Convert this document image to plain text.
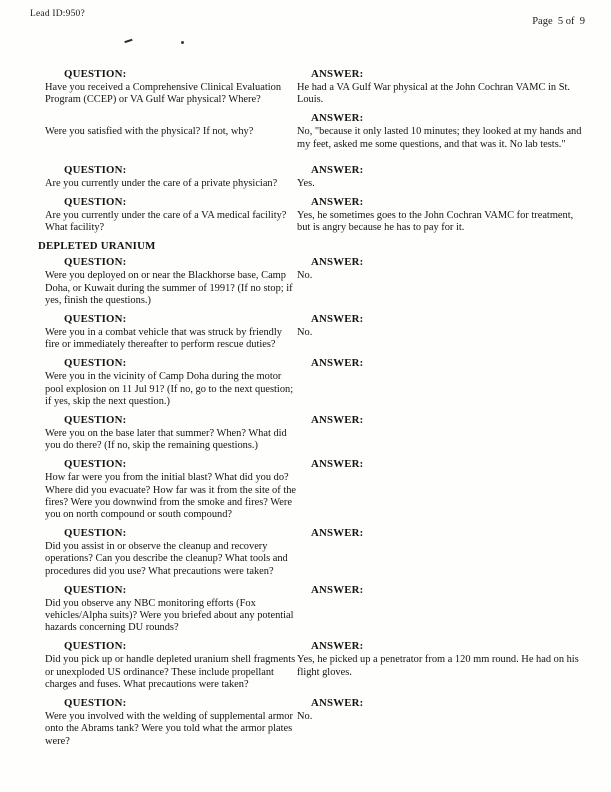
Lead ID:950?
Page  5 of  9
QUESTION:
Have you received a Comprehensive Clinical Evaluation Program (CCEP) or VA Gulf War physical? Where?
ANSWER:
He had a VA Gulf War physical at the John Cochran VAMC in St. Louis.
Were you satisfied with the physical? If not, why?
ANSWER:
No, "because it only lasted 10 minutes; they looked at my hands and my feet, asked me some questions, and that was it. No lab tests."
QUESTION:
Are you currently under the care of a private physician?
ANSWER:
Yes.
QUESTION:
Are you currently under the care of a VA medical facility? What facility?
ANSWER:
Yes, he sometimes goes to the John Cochran VAMC for treatment, but is angry because he has to pay for it.
DEPLETED URANIUM
QUESTION:
Were you deployed on or near the Blackhorse base, Camp Doha, or Kuwait during the summer of 1991? (If no stop; if yes, finish the questions.)
ANSWER:
No.
QUESTION:
Were you in a combat vehicle that was struck by friendly fire or immediately thereafter to perform rescue duties?
ANSWER:
No.
QUESTION:
Were you in the vicinity of Camp Doha during the motor pool explosion on 11 Jul 91? (If no, go to the next question; if yes, skip the next question.)
ANSWER:
QUESTION:
Were you on the base later that summer? When? What did you do there? (If no, skip the remaining questions.)
ANSWER:
QUESTION:
How far were you from the initial blast? What did you do? Where did you evacuate? How far was it from the site of the fires? Were you downwind from the smoke and fires? Were you on north compound or south compound?
ANSWER:
QUESTION:
Did you assist in or observe the cleanup and recovery operations? Can you describe the cleanup? What tools and procedures did you use? What precautions were taken?
ANSWER:
QUESTION:
Did you observe any NBC monitoring efforts (Fox vehicles/Alpha suits)? Were you briefed about any potential hazards concerning DU rounds?
ANSWER:
QUESTION:
Did you pick up or handle depleted uranium shell fragments or unexploded US ordinance? These include propellant charges and fuses. What precautions were taken?
ANSWER:
Yes, he picked up a penetrator from a 120 mm round. He had on his flight gloves.
QUESTION:
Were you involved with the welding of supplemental armor onto the Abrams tank? Were you told what the armor plates were?
ANSWER:
No.
